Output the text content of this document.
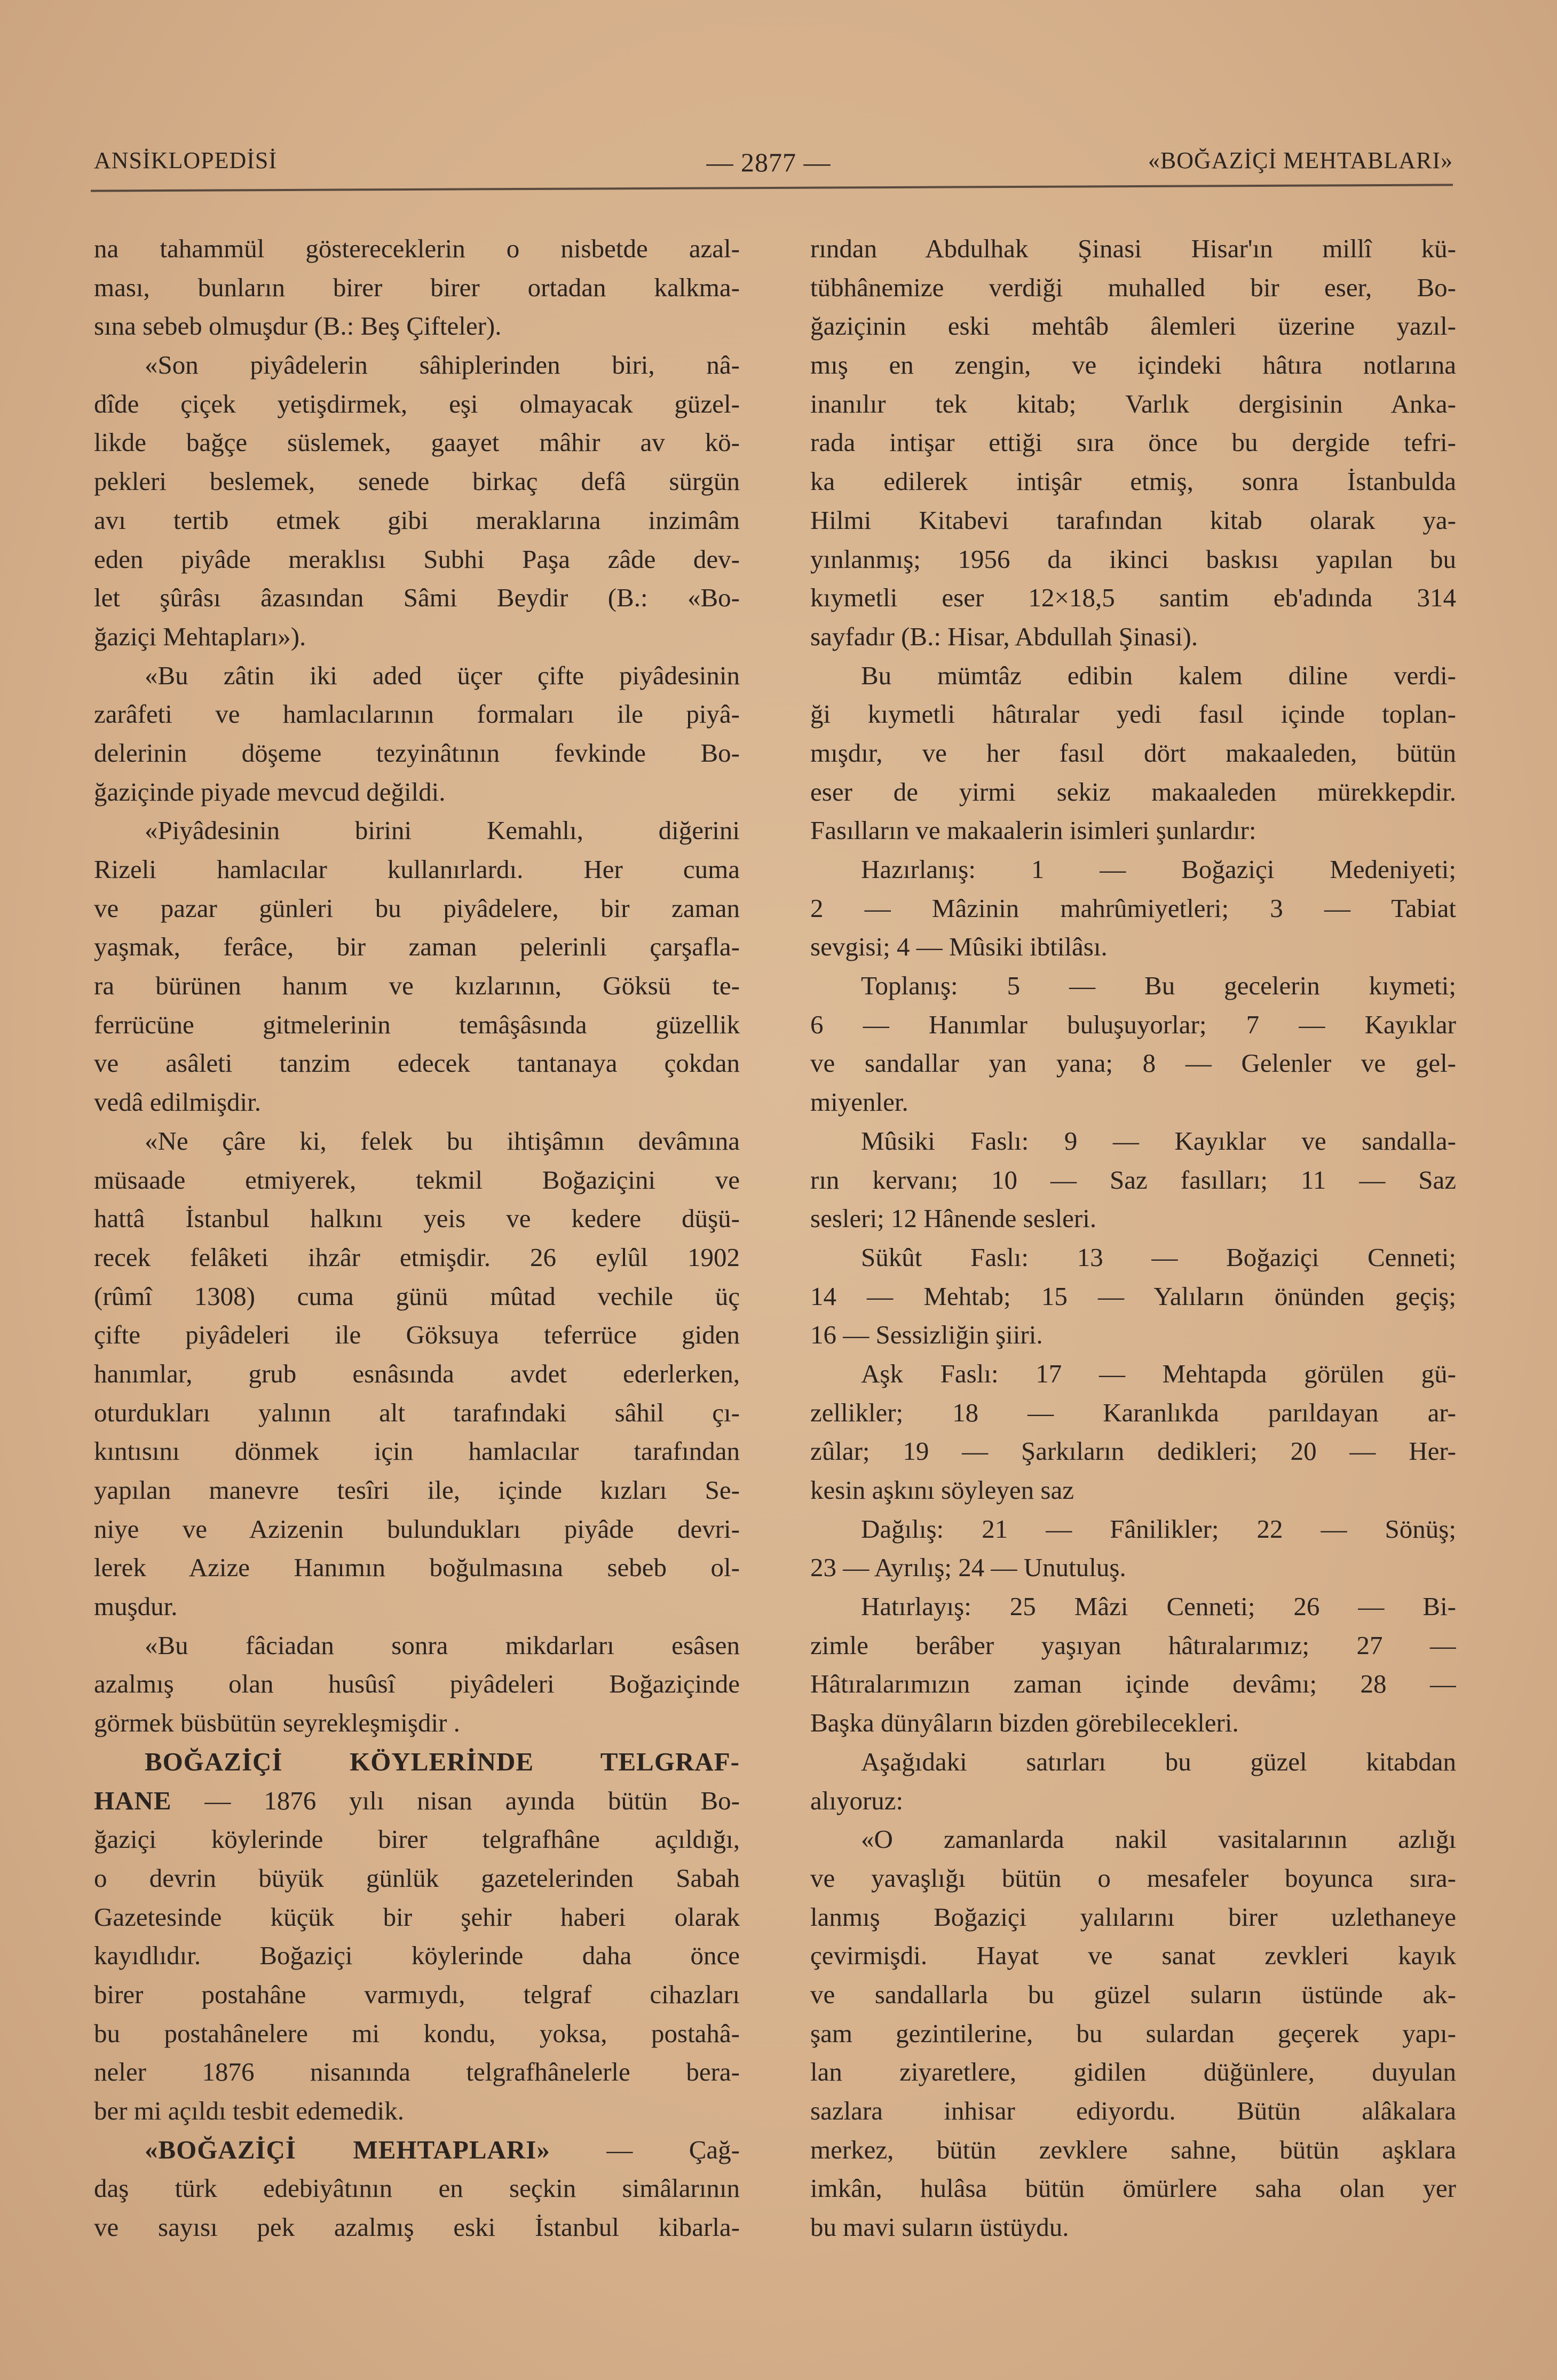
ANSİKLOPEDİSİ	— 2877 —	«BOĞAZİÇİ MEHTABLARI»
na tahammül göstereceklerin o nisbetde azal-
ması, bunların birer birer ortadan kalkma-
sına sebeb olmuşdur (B.: Beş Çifteler).
«Son piyâdelerin sâhiplerinden biri, nâ-
dîde çiçek yetişdirmek, eşi olmayacak güzel-
likde bağçe süslemek, gaayet mâhir av kö-
pekleri beslemek, senede birkaç defâ sürgün
avı tertib etmek gibi meraklarına inzimâm
eden piyâde meraklısı Subhi Paşa zâde dev-
let şûrâsı âzasından Sâmi Beydir (B.: «Bo-
ğaziçi Mehtapları»).
«Bu zâtin iki aded üçer çifte piyâdesinin
zarâfeti ve hamlacılarının formaları ile piyâ-
delerinin döşeme tezyinâtının fevkinde Bo-
ğaziçinde piyade mevcud değildi.
«Piyâdesinin birini Kemahlı, diğerini
Rizeli hamlacılar kullanırlardı. Her cuma
ve pazar günleri bu piyâdelere, bir zaman
yaşmak, ferâce, bir zaman pelerinli çarşafla-
ra bürünen hanım ve kızlarının, Göksü te-
ferrücüne gitmelerinin temâşâsında güzellik
ve asâleti tanzim edecek tantanaya çokdan
vedâ edilmişdir.
«Ne çâre ki, felek bu ihtişâmın devâmına
müsaade etmiyerek, tekmil Boğaziçini ve
hattâ İstanbul halkını yeis ve kedere düşü-
recek felâketi ihzâr etmişdir. 26 eylûl 1902
(rûmî 1308) cuma günü mûtad vechile üç
çifte piyâdeleri ile Göksuya teferrüce giden
hanımlar, grub esnâsında avdet ederlerken,
oturdukları yalının alt tarafındaki sâhil çı-
kıntısını dönmek için hamlacılar tarafından
yapılan manevre tesîri ile, içinde kızları Se-
niye ve Azizenin bulundukları piyâde devri-
lerek Azize Hanımın boğulmasına sebeb ol-
muşdur.
«Bu fâciadan sonra mikdarları esâsen
azalmış olan husûsî piyâdeleri Boğaziçinde
görmek büsbütün seyrekleşmişdir .
BOĞAZİÇİ KÖYLERİNDE TELGRAF-
HANE — 1876 yılı nisan ayında bütün Bo-
ğaziçi köylerinde birer telgrafhâne açıldığı,
o devrin büyük günlük gazetelerinden Sabah
Gazetesinde küçük bir şehir haberi olarak
kayıdlıdır. Boğaziçi köylerinde daha önce
birer postahâne varmıydı, telgraf cihazları
bu postahânelere mi kondu, yoksa, postahâ-
neler 1876 nisanında telgrafhânelerle bera-
ber mi açıldı tesbit edemedik.
«BOĞAZİÇİ MEHTAPLARI» — Çağ-
daş türk edebiyâtının en seçkin simâlarının
ve sayısı pek azalmış eski İstanbul kibarla-
rından Abdulhak Şinasi Hisar'ın millî kü-
tübhânemize verdiği muhalled bir eser, Bo-
ğaziçinin eski mehtâb âlemleri üzerine yazıl-
mış en zengin, ve içindeki hâtıra notlarına
inanılır tek kitab; Varlık dergisinin Anka-
rada intişar ettiği sıra önce bu dergide tefri-
ka edilerek intişâr etmiş, sonra İstanbulda
Hilmi Kitabevi tarafından kitab olarak ya-
yınlanmış; 1956 da ikinci baskısı yapılan bu
kıymetli eser 12×18,5 santim eb'adında 314
sayfadır (B.: Hisar, Abdullah Şinasi).
Bu mümtâz edibin kalem diline verdi-
ği kıymetli hâtıralar yedi fasıl içinde toplan-
mışdır, ve her fasıl dört makaaleden, bütün
eser de yirmi sekiz makaaleden mürekkepdir.
Fasılların ve makaalerin isimleri şunlardır:
Hazırlanış: 1 — Boğaziçi Medeniyeti;
2 — Mâzinin mahrûmiyetleri; 3 — Tabiat
sevgisi; 4 — Mûsiki ibtilâsı.
Toplanış: 5 — Bu gecelerin kıymeti;
6 — Hanımlar buluşuyorlar; 7 — Kayıklar
ve sandallar yan yana; 8 — Gelenler ve gel-
miyenler.
Mûsiki Faslı: 9 — Kayıklar ve sandalla-
rın kervanı; 10 — Saz fasılları; 11 — Saz
sesleri; 12 Hânende sesleri.
Sükût Faslı: 13 — Boğaziçi Cenneti;
14 — Mehtab; 15 — Yalıların önünden geçiş;
16 — Sessizliğin şiiri.
Aşk Faslı: 17 — Mehtapda görülen gü-
zellikler; 18 — Karanlıkda parıldayan ar-
zûlar; 19 — Şarkıların dedikleri; 20 — Her-
kesin aşkını söyleyen saz
Dağılış: 21 — Fânilikler; 22 — Sönüş;
23 — Ayrılış; 24 — Unutuluş.
Hatırlayış: 25 Mâzi Cenneti; 26 — Bi-
zimle berâber yaşıyan hâtıralarımız; 27 —
Hâtıralarımızın zaman içinde devâmı; 28 —
Başka dünyâların bizden görebilecekleri.
Aşağıdaki satırları bu güzel kitabdan
alıyoruz:
«O zamanlarda nakil vasitalarının azlığı
ve yavaşlığı bütün o mesafeler boyunca sıra-
lanmış Boğaziçi yalılarını birer uzlethaneye
çevirmişdi. Hayat ve sanat zevkleri kayık
ve sandallarla bu güzel suların üstünde ak-
şam gezintilerine, bu sulardan geçerek yapı-
lan ziyaretlere, gidilen düğünlere, duyulan
sazlara inhisar ediyordu. Bütün alâkalara
merkez, bütün zevklere sahne, bütün aşklara
imkân, hulâsa bütün ömürlere saha olan yer
bu mavi suların üstüydu.
